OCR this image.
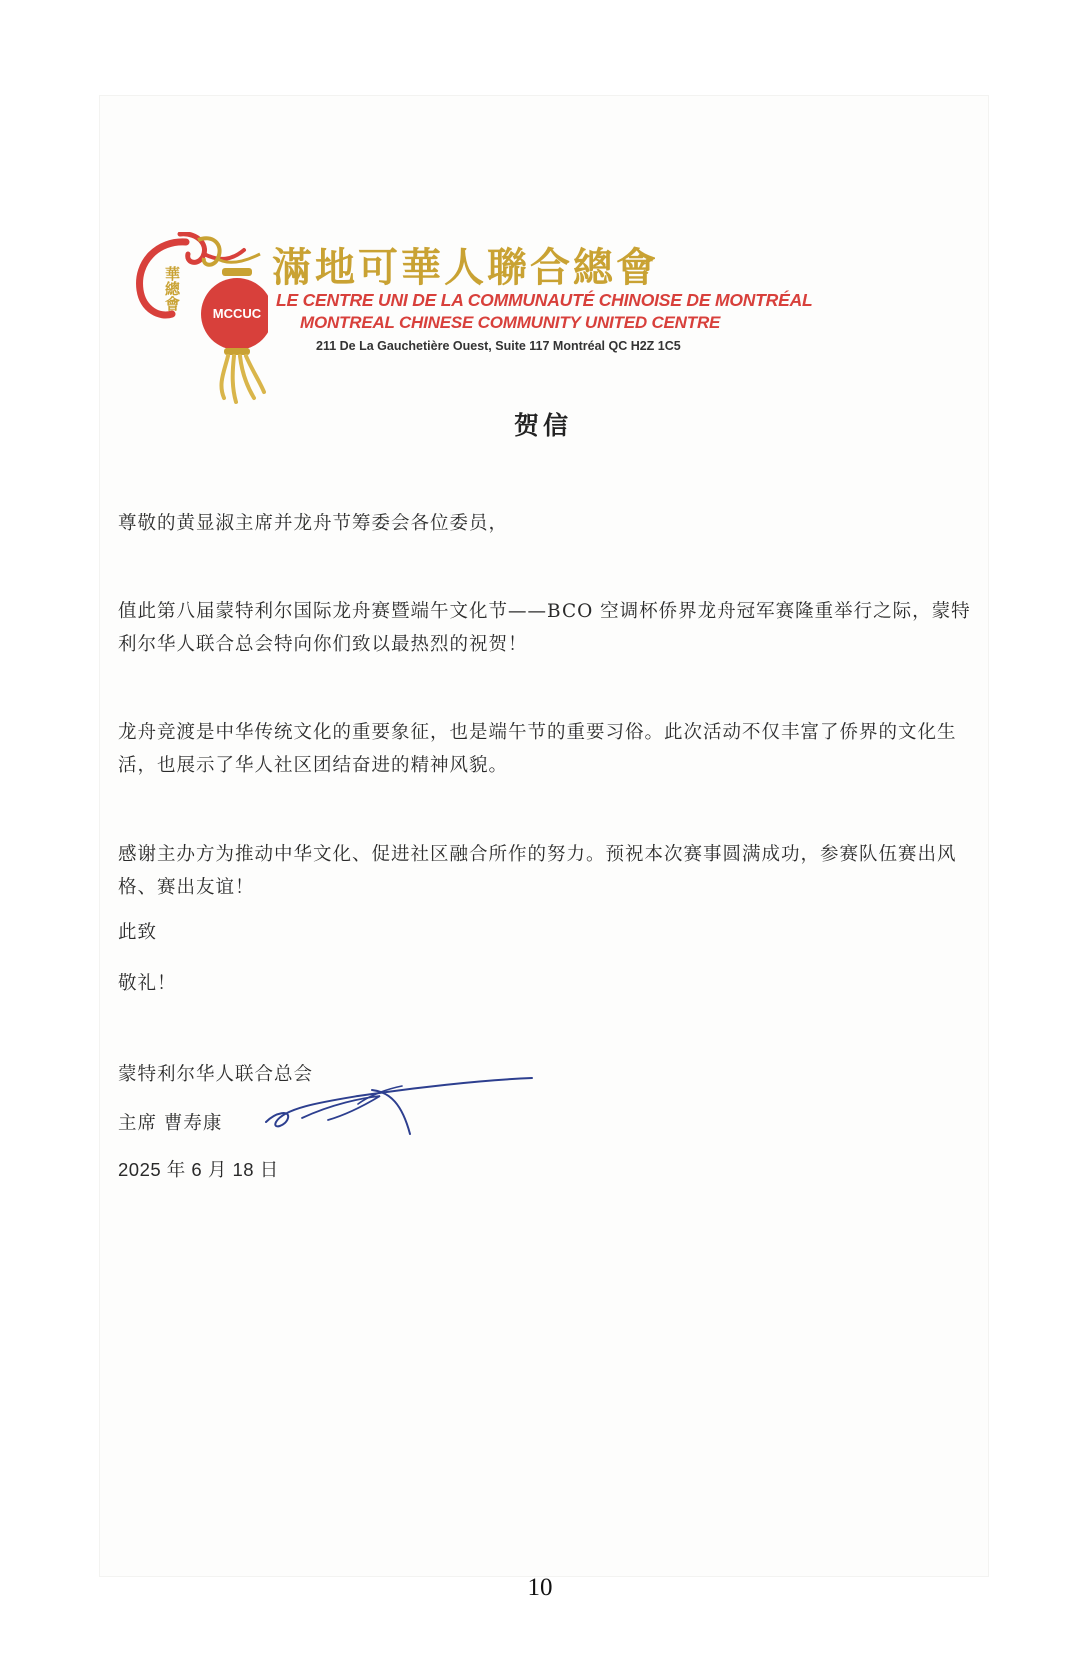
MCCUC
華總會 滿地可華人聯合總會
LE CENTRE UNI DE LA COMMUNAUTÉ CHINOISE DE MONTRÉAL
MONTREAL CHINESE COMMUNITY UNITED CENTRE
211 De La Gauchetière Ouest, Suite 117 Montréal QC H2Z 1C5
贺信
尊敬的黄显淑主席并龙舟节筹委会各位委员，
值此第八届蒙特利尔国际龙舟赛暨端午文化节——BCO 空调杯侨界龙舟冠军赛隆重举行之际，蒙特利尔华人联合总会特向你们致以最热烈的祝贺！
龙舟竞渡是中华传统文化的重要象征，也是端午节的重要习俗。此次活动不仅丰富了侨界的文化生活，也展示了华人社区团结奋进的精神风貌。
感谢主办方为推动中华文化、促进社区融合所作的努力。预祝本次赛事圆满成功，参赛队伍赛出风格、赛出友谊！
此致
敬礼！
蒙特利尔华人联合总会
主席 曹寿康
2025 年 6 月 18 日
10
